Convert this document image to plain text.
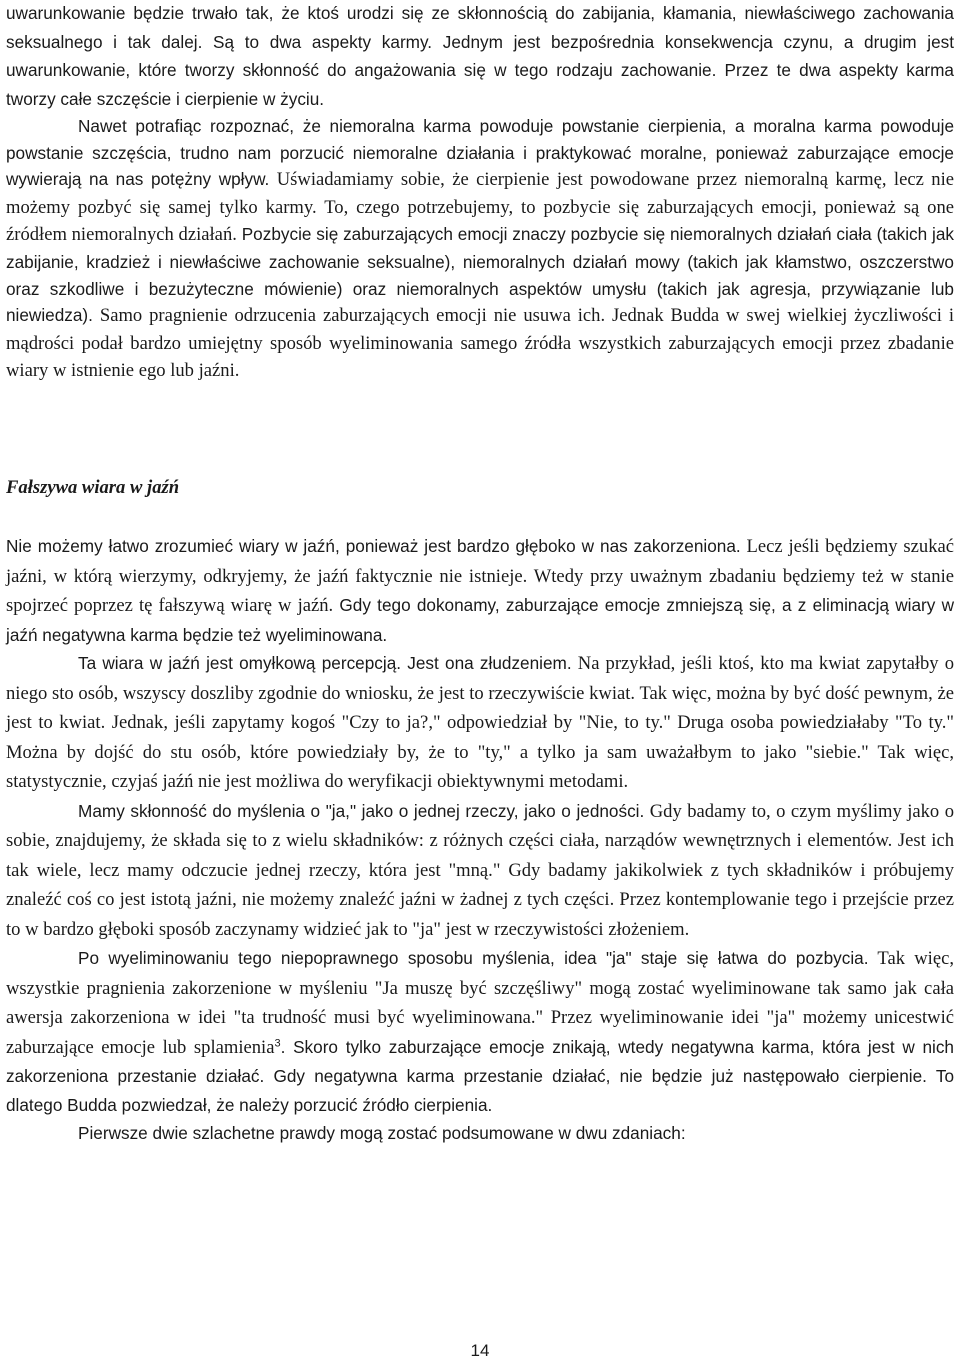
uwarunkowanie będzie trwało tak, że ktoś urodzi się ze skłonnością do zabijania, kłamania, niewłaściwego zachowania seksualnego i tak dalej. Są to dwa aspekty karmy. Jednym jest bezpośrednia konsekwencja czynu, a drugim jest uwarunkowanie, które tworzy skłonność do angażowania się w tego rodzaju zachowanie. Przez te dwa aspekty karma tworzy całe szczęście i cierpienie w życiu.

Nawet potrafiąc rozpoznać, że niemoralna karma powoduje powstanie cierpienia, a moralna karma powoduje powstanie szczęścia, trudno nam porzucić niemoralne działania i praktykować moralne, ponieważ zaburzające emocje wywierają na nas potężny wpływ. Uświadamiamy sobie, że cierpienie jest powodowane przez niemoralną karmę, lecz nie możemy pozbyć się samej tylko karmy. To, czego potrzebujemy, to pozbycie się zaburzających emocji, ponieważ są one źródłem niemoralnych działań. Pozbycie się zaburzających emocji znaczy pozbycie się niemoralnych działań ciała (takich jak zabijanie, kradzież i niewłaściwe zachowanie seksualne), niemoralnych działań mowy (takich jak kłamstwo, oszczerstwo oraz szkodliwe i bezużyteczne mówienie) oraz niemoralnych aspektów umysłu (takich jak agresja, przywiązanie lub niewiedza). Samo pragnienie odrzucenia zaburzających emocji nie usuwa ich. Jednak Budda w swej wielkiej życzliwości i mądrości podał bardzo umiejętny sposób wyeliminowania samego źródła wszystkich zaburzających emocji przez zbadanie wiary w istnienie ego lub jaźni.

Fałszywa wiara w jaźń

Nie możemy łatwo zrozumieć wiary w jaźń, ponieważ jest bardzo głęboko w nas zakorzeniona. Lecz jeśli będziemy szukać jaźni, w którą wierzymy, odkryjemy, że jaźń faktycznie nie istnieje. Wtedy przy uważnym zbadaniu będziemy też w stanie spojrzeć poprzez tę fałszywą wiarę w jaźń. Gdy tego dokonamy, zaburzające emocje zmniejszą się, a z eliminacją wiary w jaźń negatywna karma będzie też wyeliminowana.

Ta wiara w jaźń jest omyłkową percepcją. Jest ona złudzeniem. Na przykład, jeśli ktoś, kto ma kwiat zapytałby o niego sto osób, wszyscy doszliby zgodnie do wniosku, że jest to rzeczywiście kwiat. Tak więc, można by być dość pewnym, że jest to kwiat. Jednak, jeśli zapytamy kogoś "Czy to ja?," odpowiedział by "Nie, to ty." Druga osoba powiedziałaby "To ty." Można by dojść do stu osób, które powiedziały by, że to "ty," a tylko ja sam uważałbym to jako "siebie." Tak więc, statystycznie, czyjaś jaźń nie jest możliwa do weryfikacji obiektywnymi metodami.

Mamy skłonność do myślenia o "ja," jako o jednej rzeczy, jako o jedności. Gdy badamy to, o czym myślimy jako o sobie, znajdujemy, że składa się to z wielu składników: z różnych części ciała, narządów wewnętrznych i elementów. Jest ich tak wiele, lecz mamy odczucie jednej rzeczy, która jest "mną." Gdy badamy jakikolwiek z tych składników i próbujemy znaleźć coś co jest istotą jaźni, nie możemy znaleźć jaźni w żadnej z tych części. Przez kontemplowanie tego i przejście przez to w bardzo głęboki sposób zaczynamy widzieć jak to "ja" jest w rzeczywistości złożeniem.

Po wyeliminowaniu tego niepoprawnego sposobu myślenia, idea "ja" staje się łatwa do pozbycia. Tak więc, wszystkie pragnienia zakorzenione w myśleniu "Ja muszę być szczęśliwy" mogą zostać wyeliminowane tak samo jak cała awersja zakorzeniona w idei "ta trudność musi być wyeliminowana." Przez wyeliminowanie idei "ja" możemy unicestwić zaburzające emocje lub splamienia$^3$. Skoro tylko zaburzające emocje znikają, wtedy negatywna karma, która jest w nich zakorzeniona przestanie działać. Gdy negatywna karma przestanie działać, nie będzie już następowało cierpienie. To dlatego Budda pozwiedzał, że należy porzucić źródło cierpienia.

Pierwsze dwie szlachetne prawdy mogą zostać podsumowane w dwu zdaniach:

14
